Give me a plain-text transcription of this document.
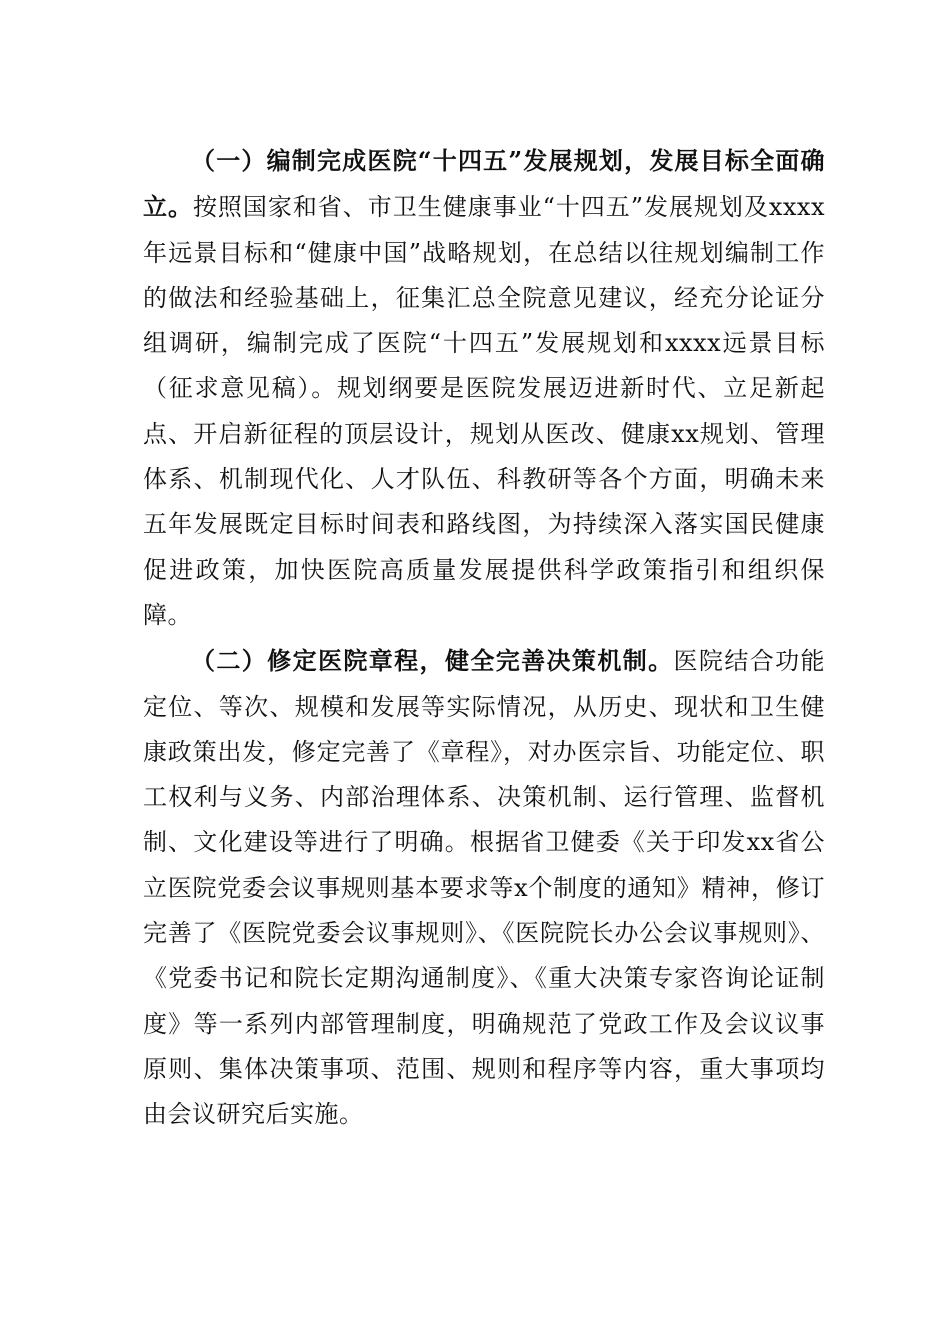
（一）编制完成医院“十四五”发展规划，发展目标全面确立。按照国家和省、市卫生健康事业“十四五”发展规划及xxxx年远景目标和“健康中国”战略规划，在总结以往规划编制工作的做法和经验基础上，征集汇总全院意见建议，经充分论证分组调研，编制完成了医院“十四五”发展规划和xxxx远景目标（征求意见稿）。规划纲要是医院发展迈进新时代、立足新起点、开启新征程的顶层设计，规划从医改、健康xx规划、管理体系、机制现代化、人才队伍、科教研等各个方面，明确未来五年发展既定目标时间表和路线图，为持续深入落实国民健康促进政策，加快医院高质量发展提供科学政策指引和组织保障。

（二）修定医院章程，健全完善决策机制。医院结合功能定位、等次、规模和发展等实际情况，从历史、现状和卫生健康政策出发，修定完善了《章程》，对办医宗旨、功能定位、职工权利与义务、内部治理体系、决策机制、运行管理、监督机制、文化建设等进行了明确。根据省卫健委《关于印发xx省公立医院党委会议事规则基本要求等x个制度的通知》精神，修订完善了《医院党委会议事规则》、《医院院长办公会议事规则》、《党委书记和院长定期沟通制度》、《重大决策专家咨询论证制度》等一系列内部管理制度，明确规范了党政工作及会议议事原则、集体决策事项、范围、规则和程序等内容，重大事项均由会议研究后实施。
